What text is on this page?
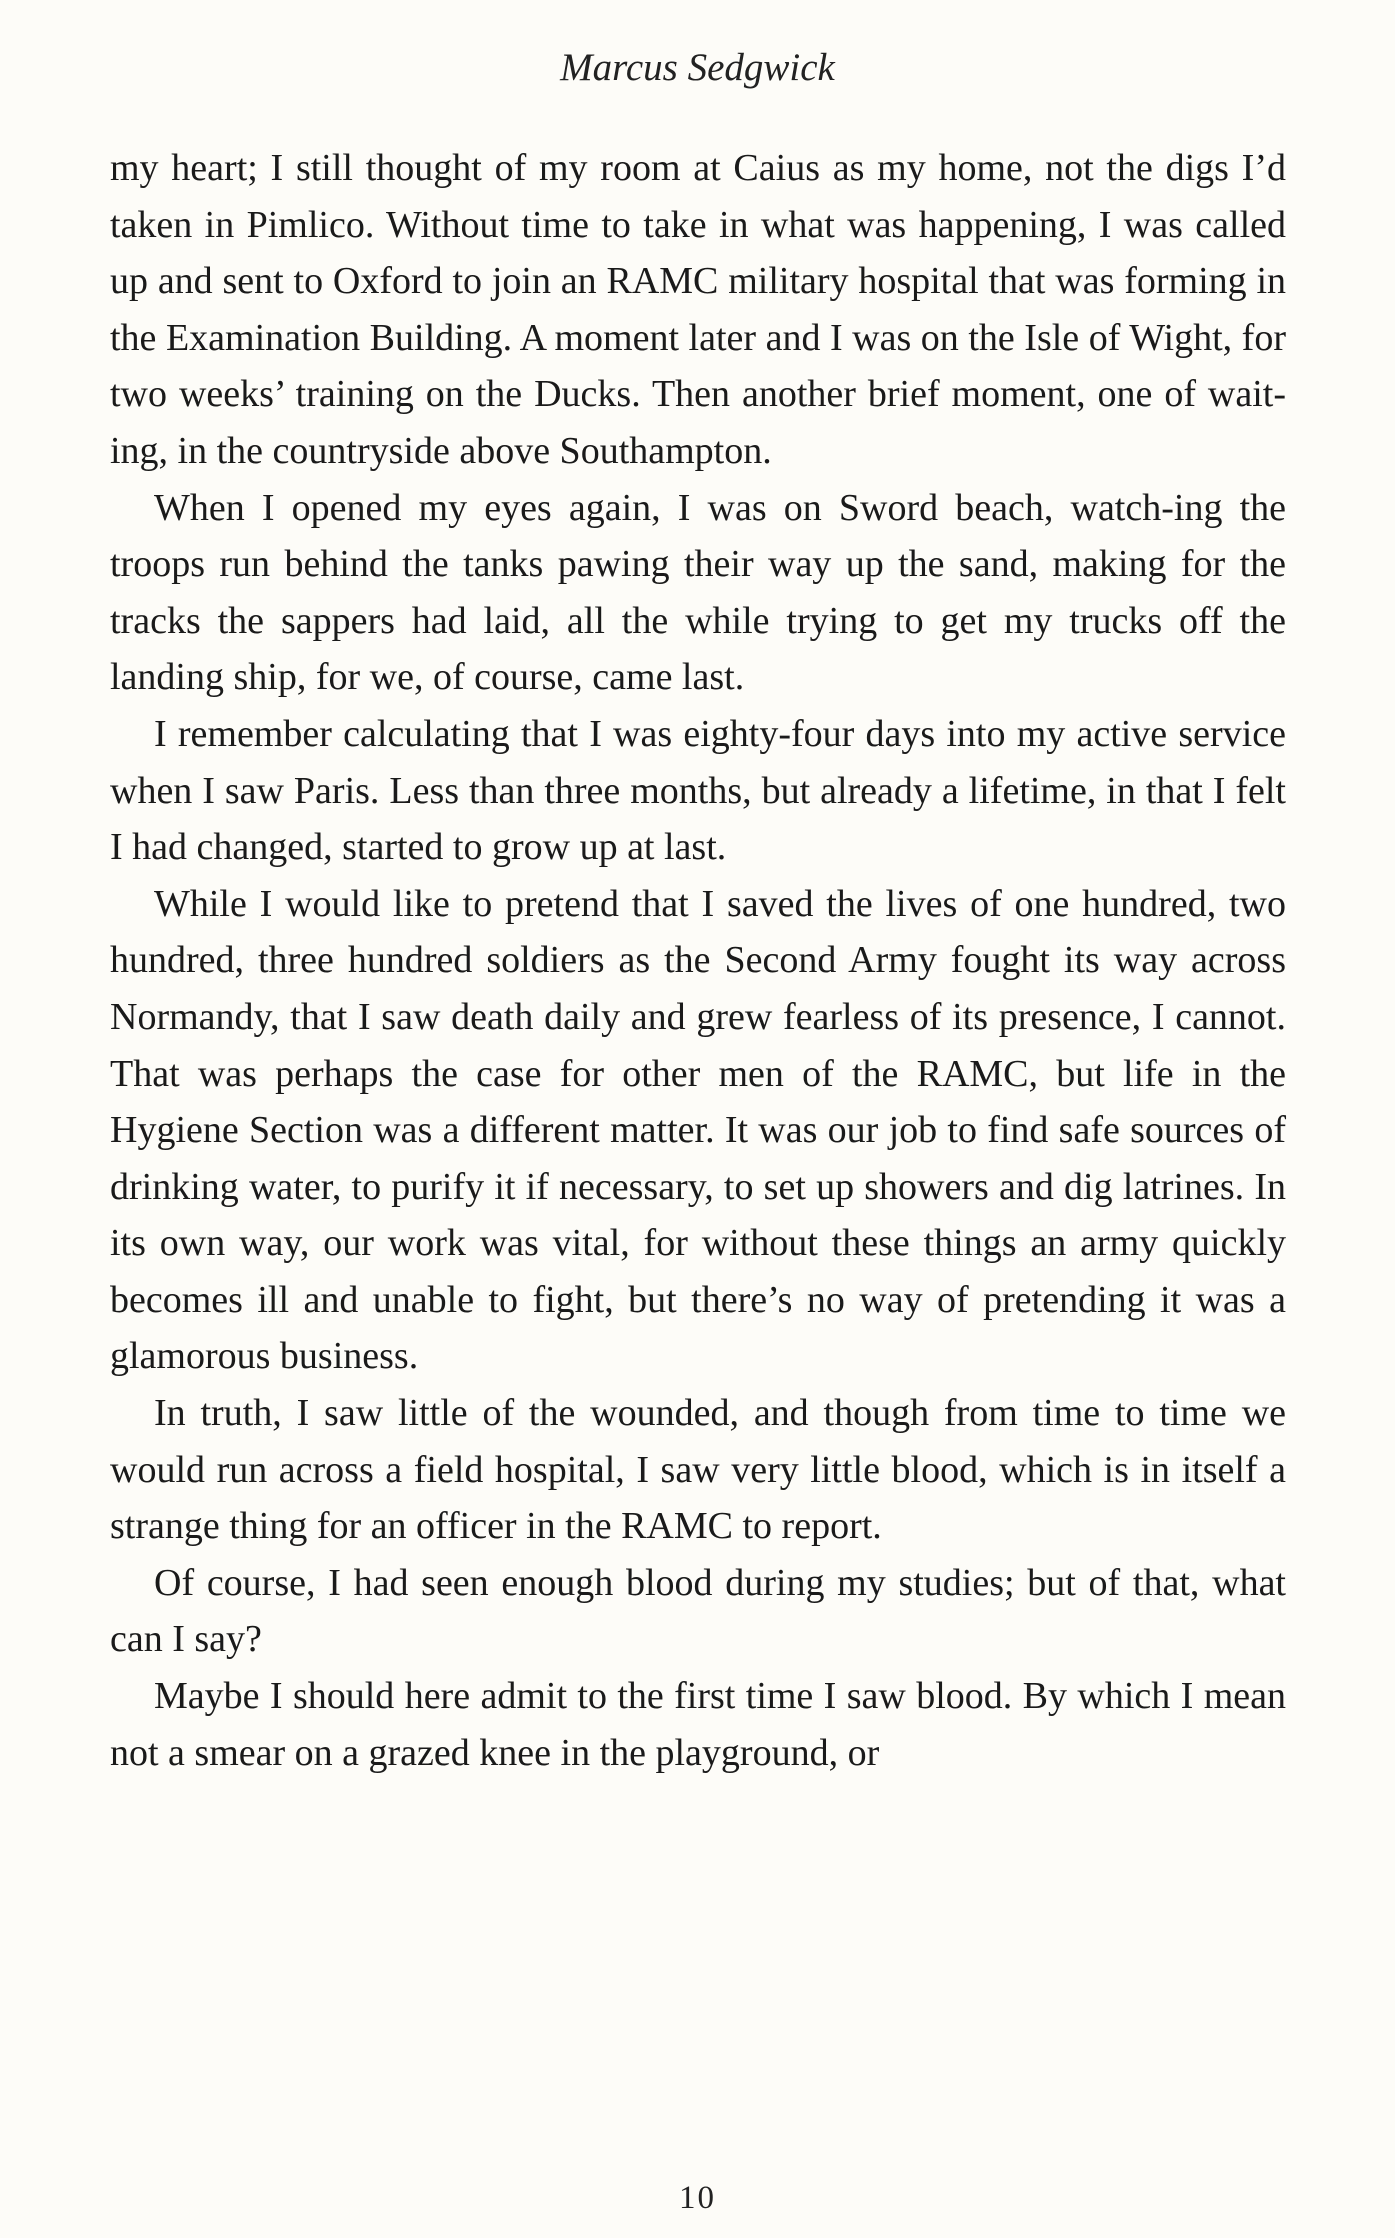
Marcus Sedgwick

my heart; I still thought of my room at Caius as my home, not the digs I’d taken in Pimlico. Without time to take in what was happening, I was called up and sent to Oxford to join an RAMC military hospital that was forming in the Examination Building. A moment later and I was on the Isle of Wight, for two weeks’ training on the Ducks. Then another brief moment, one of wait-ing, in the countryside above Southampton.

When I opened my eyes again, I was on Sword beach, watch-ing the troops run behind the tanks pawing their way up the sand, making for the tracks the sappers had laid, all the while trying to get my trucks off the landing ship, for we, of course, came last.

I remember calculating that I was eighty-four days into my active service when I saw Paris. Less than three months, but already a lifetime, in that I felt I had changed, started to grow up at last.

While I would like to pretend that I saved the lives of one hundred, two hundred, three hundred soldiers as the Second Army fought its way across Normandy, that I saw death daily and grew fearless of its presence, I cannot. That was perhaps the case for other men of the RAMC, but life in the Hygiene Section was a different matter. It was our job to find safe sources of drinking water, to purify it if necessary, to set up showers and dig latrines. In its own way, our work was vital, for without these things an army quickly becomes ill and unable to fight, but there’s no way of pretending it was a glamorous business.

In truth, I saw little of the wounded, and though from time to time we would run across a field hospital, I saw very little blood, which is in itself a strange thing for an officer in the RAMC to report.

Of course, I had seen enough blood during my studies; but of that, what can I say?

Maybe I should here admit to the first time I saw blood. By which I mean not a smear on a grazed knee in the playground, or

10
